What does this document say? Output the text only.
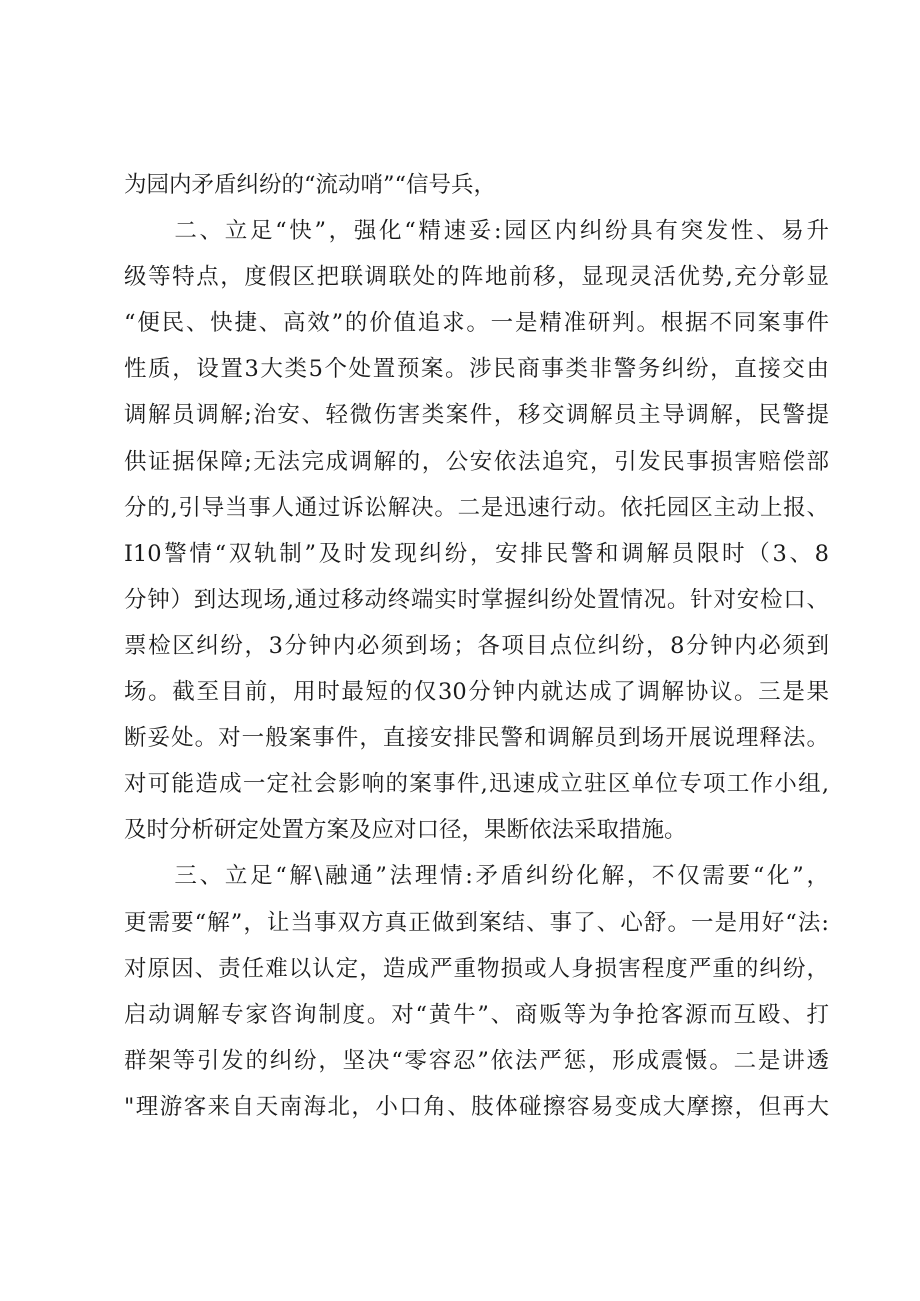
为园内矛盾纠纷的“流动哨”“信号兵，
　　二、立足“快”，强化“精速妥:园区内纠纷具有突发性、易升
级等特点，度假区把联调联处的阵地前移，显现灵活优势,充分彰显
“便民、快捷、高效”的价值追求。一是精准研判。根据不同案事件
性质，设置3大类5个处置预案。涉民商事类非警务纠纷，直接交由
调解员调解;治安、轻微伤害类案件，移交调解员主导调解，民警提
供证据保障;无法完成调解的，公安依法追究，引发民事损害赔偿部
分的,引导当事人通过诉讼解决。二是迅速行动。依托园区主动上报、
I10警情“双轨制”及时发现纠纷，安排民警和调解员限时（3、8
分钟）到达现场,通过移动终端实时掌握纠纷处置情况。针对安检口、
票检区纠纷，3分钟内必须到场；各项目点位纠纷，8分钟内必须到
场。截至目前，用时最短的仅30分钟内就达成了调解协议。三是果
断妥处。对一般案事件，直接安排民警和调解员到场开展说理释法。
对可能造成一定社会影响的案事件,迅速成立驻区单位专项工作小组,
及时分析研定处置方案及应对口径，果断依法采取措施。
　　三、立足“解\融通”法理情:矛盾纠纷化解，不仅需要“化”，
更需要“解”，让当事双方真正做到案结、事了、心舒。一是用好“法:
对原因、责任难以认定，造成严重物损或人身损害程度严重的纠纷，
启动调解专家咨询制度。对“黄牛”、商贩等为争抢客源而互殴、打
群架等引发的纠纷，坚决“零容忍”依法严惩，形成震慑。二是讲透
"理游客来自天南海北，小口角、肢体碰擦容易变成大摩擦，但再大
